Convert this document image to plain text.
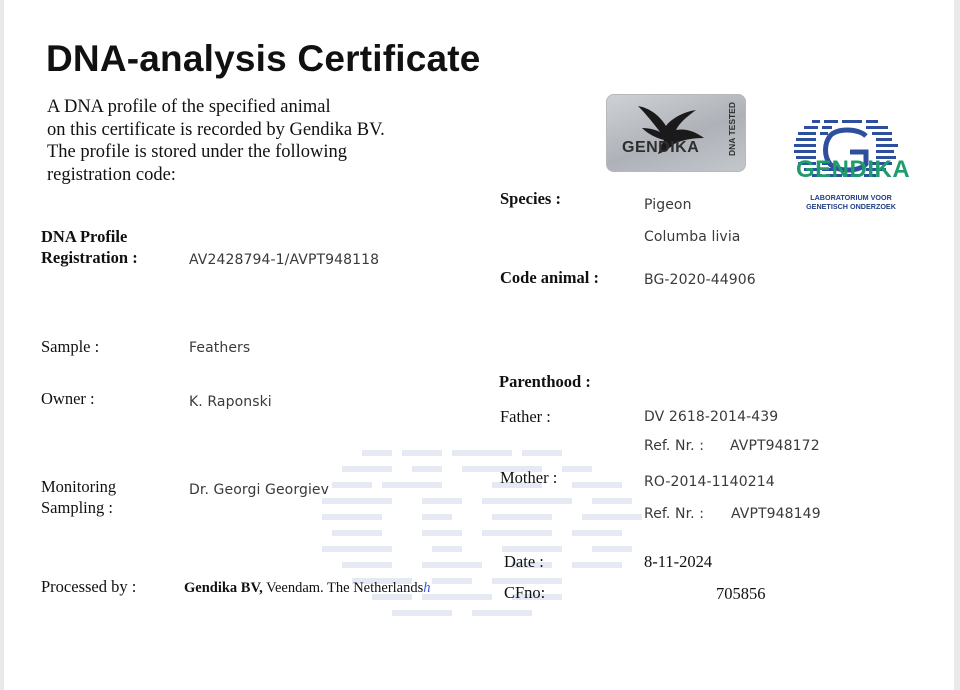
DNA-analysis Certificate
A DNA profile of the specified animal
on this certificate is recorded by Gendika BV.
The profile is stored under the following
registration code:
GENDIKA	DNA TESTED
GENDIKA
LABORATORIUM VOOR
GENETISCH ONDERZOEK
DNA Profile
Registration :	AV2428794-1/AVPT948118
Sample :	Feathers
Owner :	K. Raponski
Monitoring
Sampling :
Dr. Georgi Georgiev
Processed by :	Gendika BV, Veendam. The Netherlandsh
Species :	Pigeon
Columba livia
Code animal :	BG-2020-44906
Parenthood :
Father :	DV 2618-2014-439
Ref. Nr. : AVPT948172
Mother :	RO-2014-1140214
Ref. Nr. : AVPT948149
Date :	8-11-2024
CFno:	705856
